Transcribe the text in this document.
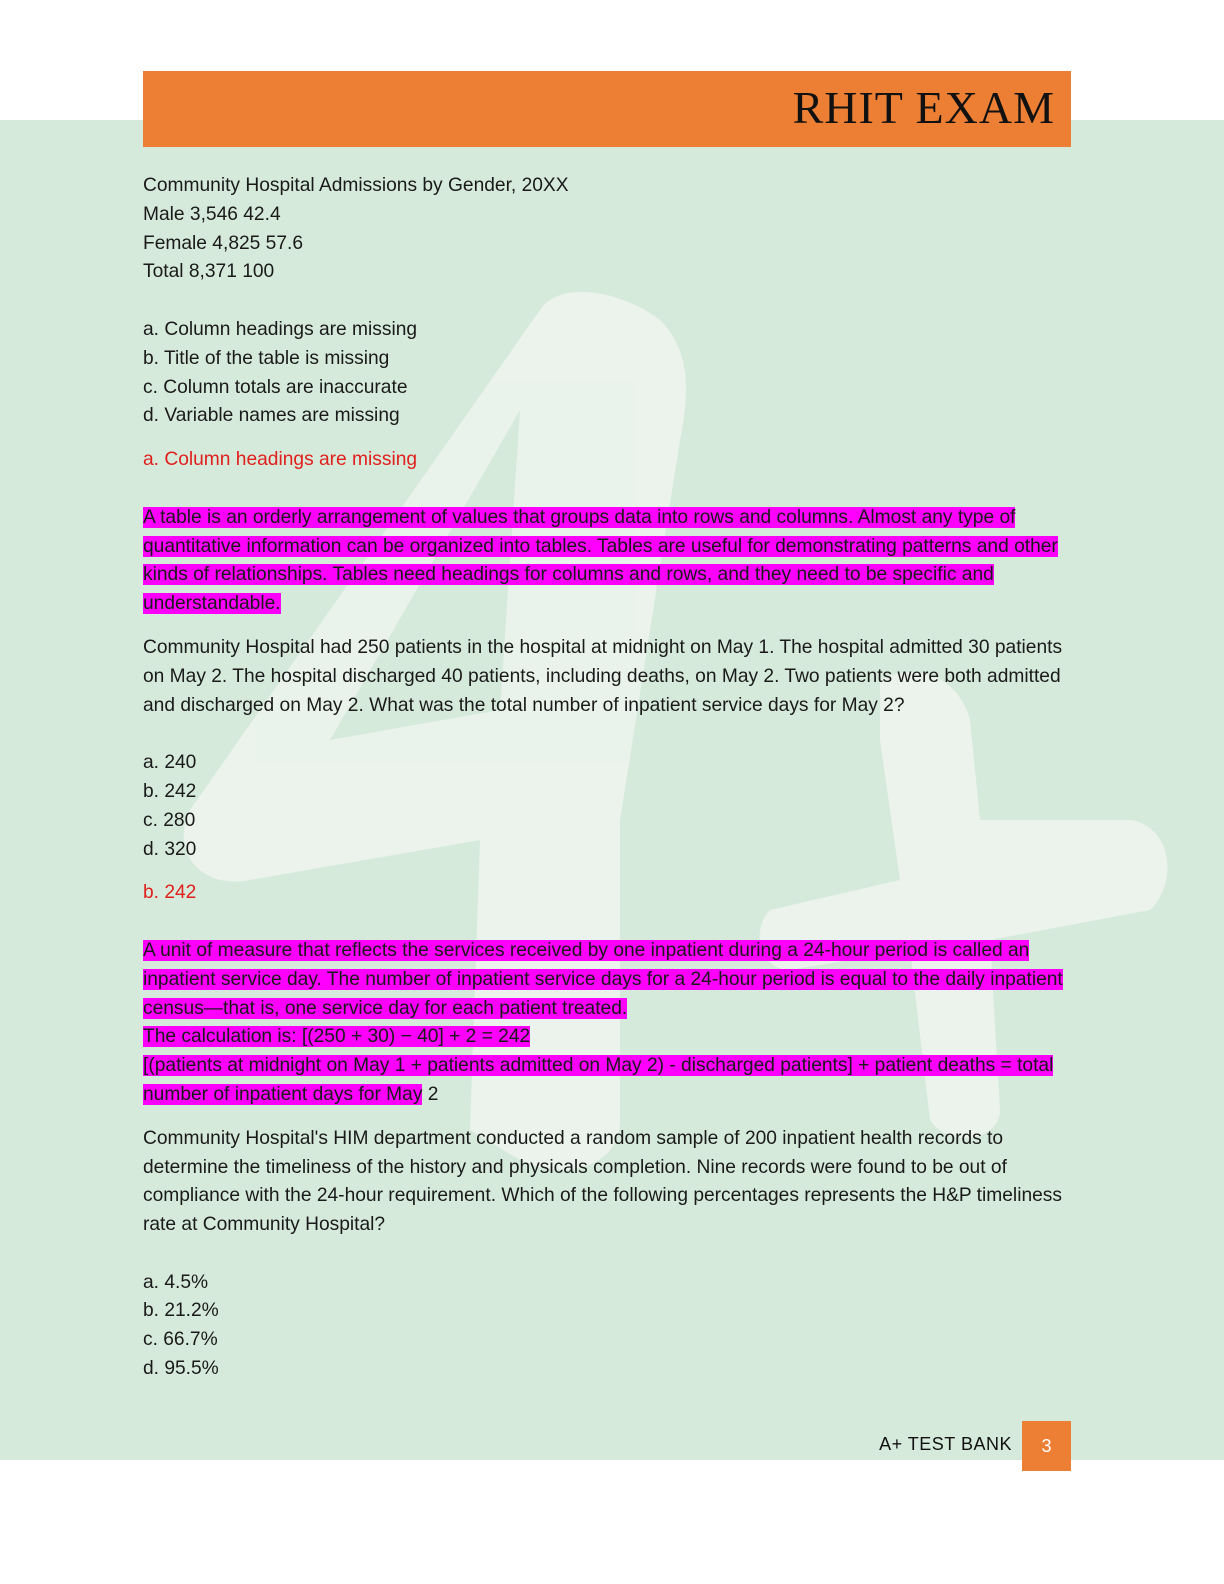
RHIT EXAM
Community Hospital Admissions by Gender, 20XX
Male 3,546 42.4
Female 4,825 57.6
Total 8,371 100
a. Column headings are missing
b. Title of the table is missing
c. Column totals are inaccurate
d. Variable names are missing
a. Column headings are missing

A table is an orderly arrangement of values that groups data into rows and columns. Almost any type of quantitative information can be organized into tables. Tables are useful for demonstrating patterns and other kinds of relationships. Tables need headings for columns and rows, and they need to be specific and understandable.

Community Hospital had 250 patients in the hospital at midnight on May 1. The hospital admitted 30 patients on May 2. The hospital discharged 40 patients, including deaths, on May 2. Two patients were both admitted and discharged on May 2. What was the total number of inpatient service days for May 2?

a. 240
b. 242
c. 280
d. 320
b. 242

A unit of measure that reflects the services received by one inpatient during a 24-hour period is called an inpatient service day. The number of inpatient service days for a 24-hour period is equal to the daily inpatient census—that is, one service day for each patient treated.

The calculation is: [(250 + 30) − 40] + 2 = 242

[(patients at midnight on May 1 + patients admitted on May 2) - discharged patients] + patient deaths = total number of inpatient days for May 2

Community Hospital's HIM department conducted a random sample of 200 inpatient health records to determine the timeliness of the history and physicals completion. Nine records were found to be out of compliance with the 24-hour requirement. Which of the following percentages represents the H&P timeliness rate at Community Hospital?

a. 4.5%
b. 21.2%
c. 66.7%
d. 95.5%
A+ TEST BANK	3
